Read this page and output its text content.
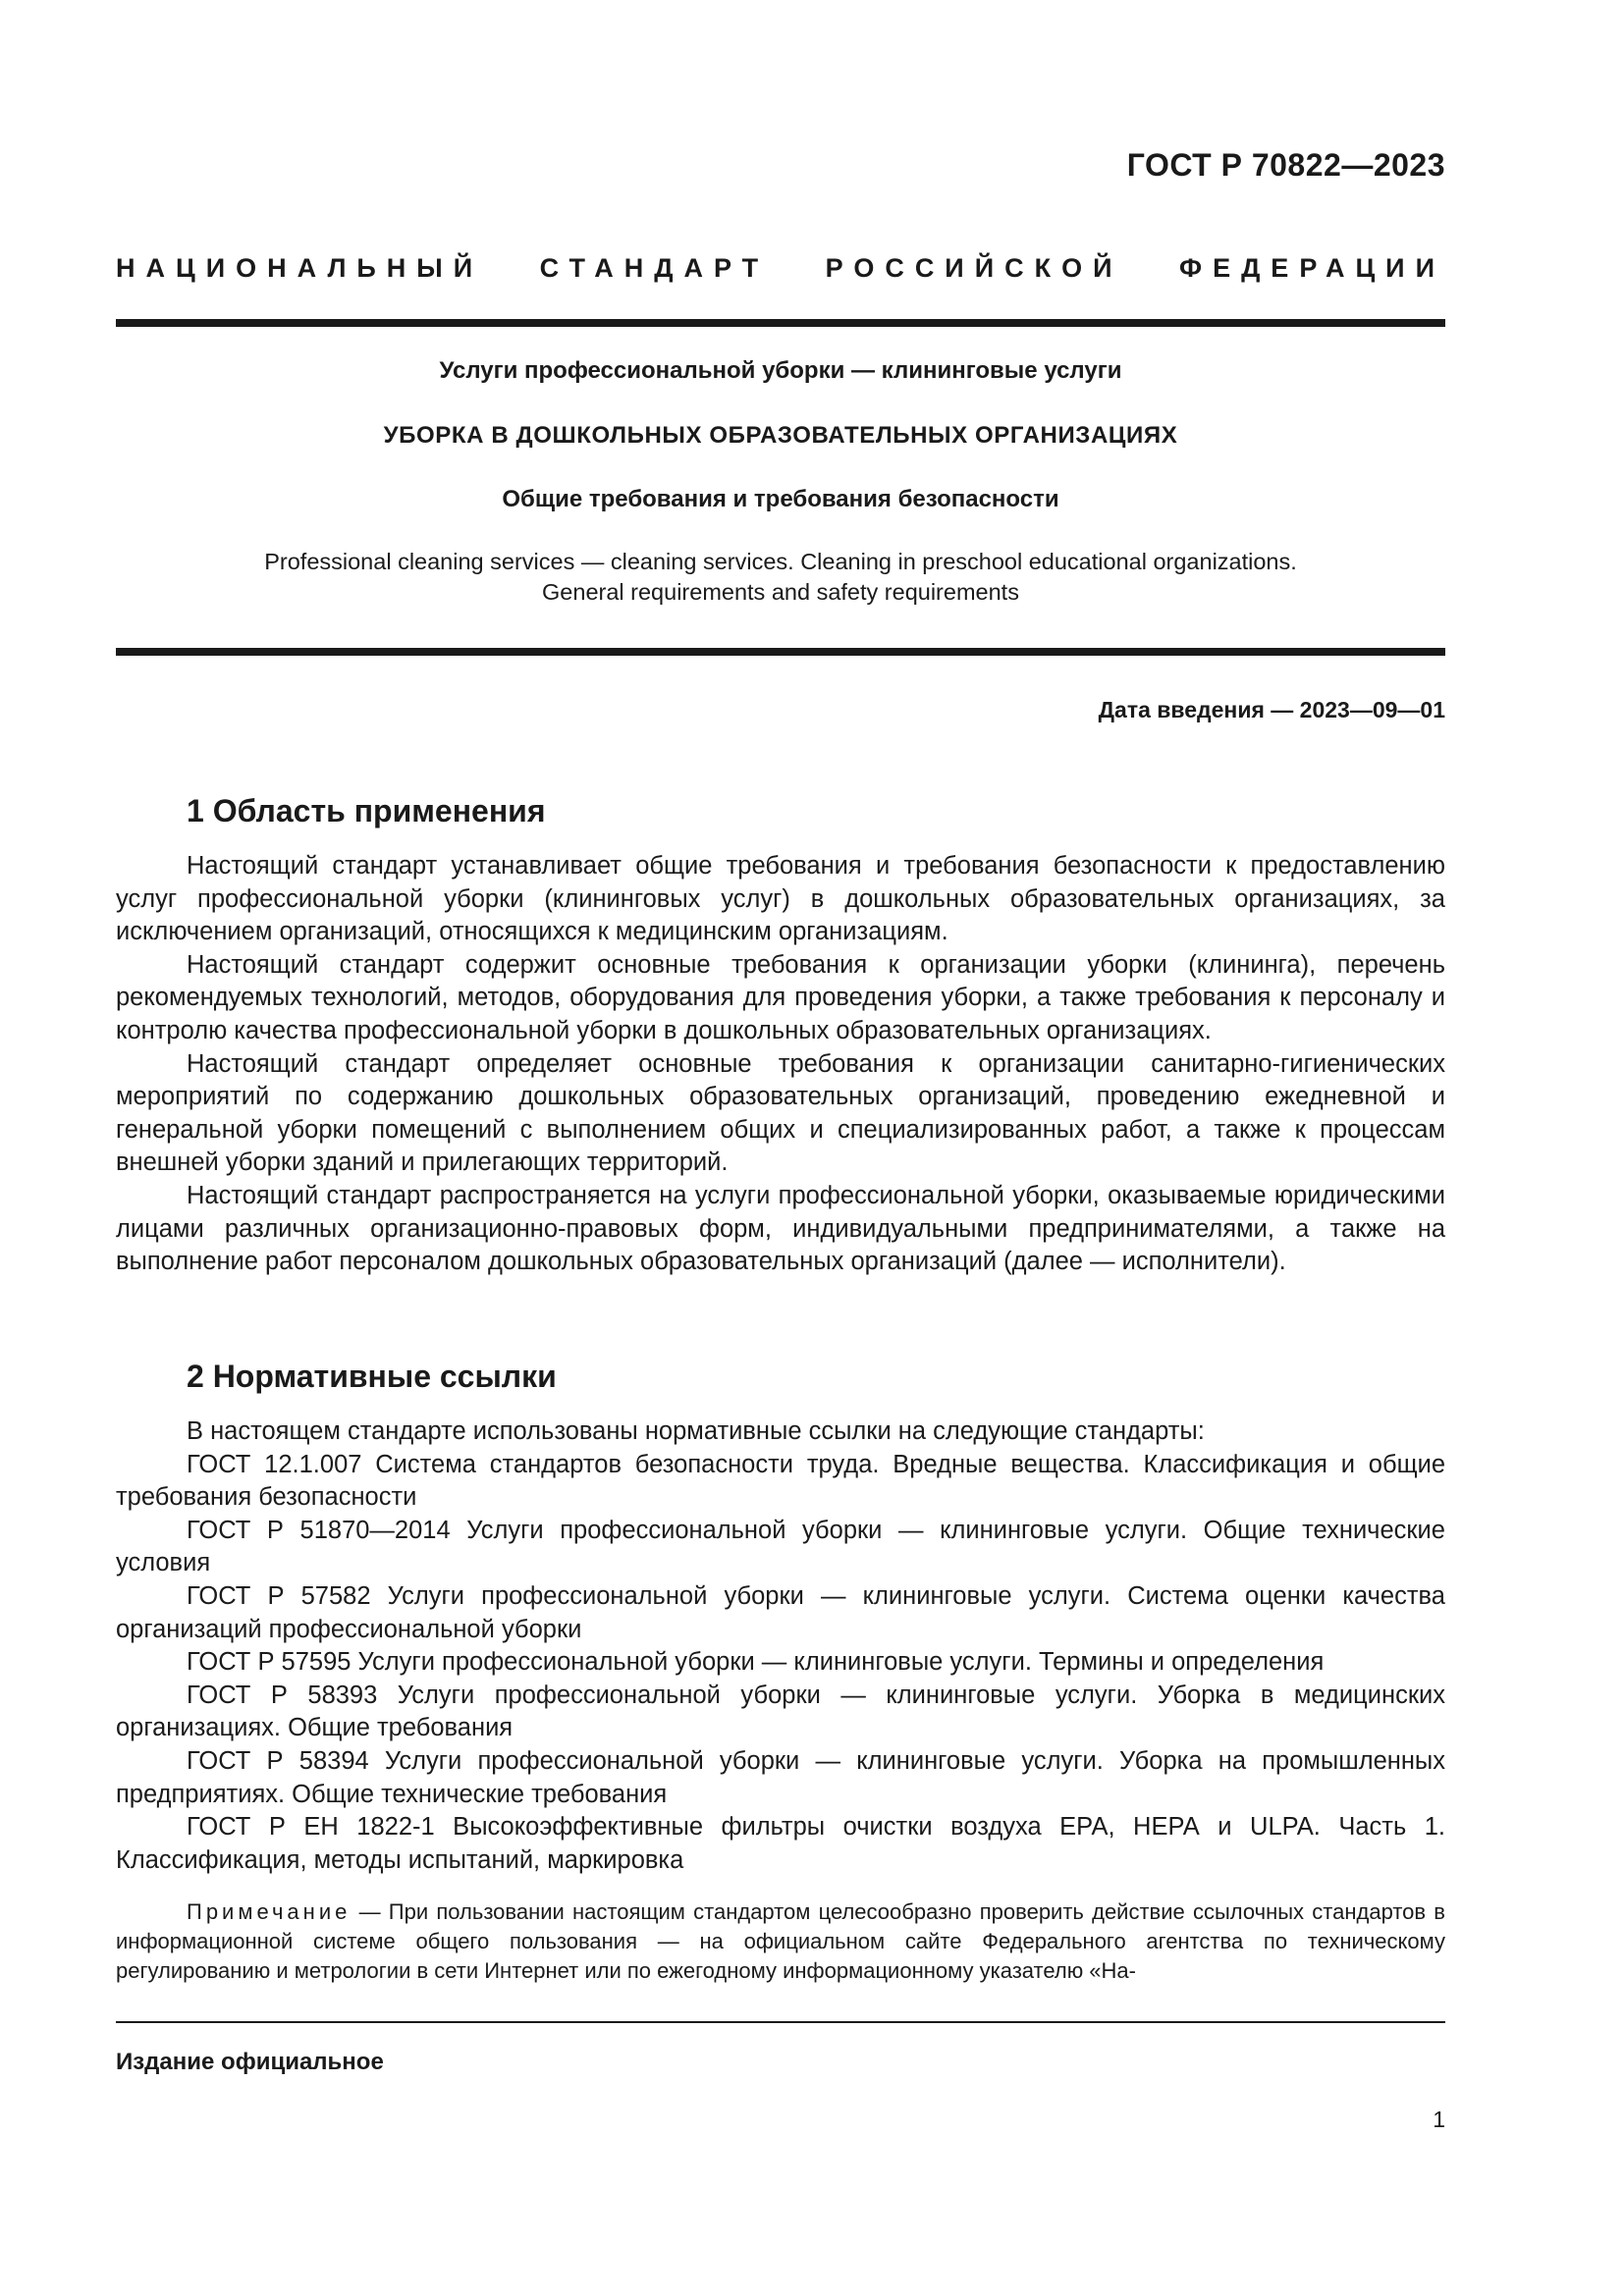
ГОСТ Р 70822—2023
НАЦИОНАЛЬНЫЙ СТАНДАРТ РОССИЙСКОЙ ФЕДЕРАЦИИ
Услуги профессиональной уборки — клининговые услуги
УБОРКА В ДОШКОЛЬНЫХ ОБРАЗОВАТЕЛЬНЫХ ОРГАНИЗАЦИЯХ
Общие требования и требования безопасности
Professional cleaning services — cleaning services. Cleaning in preschool educational organizations.
General requirements and safety requirements
Дата введения — 2023—09—01
1 Область применения

Настоящий стандарт устанавливает общие требования и требования безопасности к предоставлению услуг профессиональной уборки (клининговых услуг) в дошкольных образовательных организациях, за исключением организаций, относящихся к медицинским организациям.

Настоящий стандарт содержит основные требования к организации уборки (клининга), перечень рекомендуемых технологий, методов, оборудования для проведения уборки, а также требования к персоналу и контролю качества профессиональной уборки в дошкольных образовательных организациях.

Настоящий стандарт определяет основные требования к организации санитарно-гигиенических мероприятий по содержанию дошкольных образовательных организаций, проведению ежедневной и генеральной уборки помещений с выполнением общих и специализированных работ, а также к процессам внешней уборки зданий и прилегающих территорий.

Настоящий стандарт распространяется на услуги профессиональной уборки, оказываемые юридическими лицами различных организационно-правовых форм, индивидуальными предпринимателями, а также на выполнение работ персоналом дошкольных образовательных организаций (далее — исполнители).

2 Нормативные ссылки

В настоящем стандарте использованы нормативные ссылки на следующие стандарты:

ГОСТ 12.1.007 Система стандартов безопасности труда. Вредные вещества. Классификация и общие требования безопасности

ГОСТ Р 51870—2014 Услуги профессиональной уборки — клининговые услуги. Общие технические условия

ГОСТ Р 57582 Услуги профессиональной уборки — клининговые услуги. Система оценки качества организаций профессиональной уборки

ГОСТ Р 57595 Услуги профессиональной уборки — клининговые услуги. Термины и определения

ГОСТ Р 58393 Услуги профессиональной уборки — клининговые услуги. Уборка в медицинских организациях. Общие требования

ГОСТ Р 58394 Услуги профессиональной уборки — клининговые услуги. Уборка на промышленных предприятиях. Общие технические требования

ГОСТ Р ЕН 1822-1 Высокоэффективные фильтры очистки воздуха ЕРА, НЕРА и ULPA. Часть 1. Классификация, методы испытаний, маркировка

Примечание — При пользовании настоящим стандартом целесообразно проверить действие ссылочных стандартов в информационной системе общего пользования — на официальном сайте Федерального агентства по техническому регулированию и метрологии в сети Интернет или по ежегодному информационному указателю «На-

Издание официальное
1
